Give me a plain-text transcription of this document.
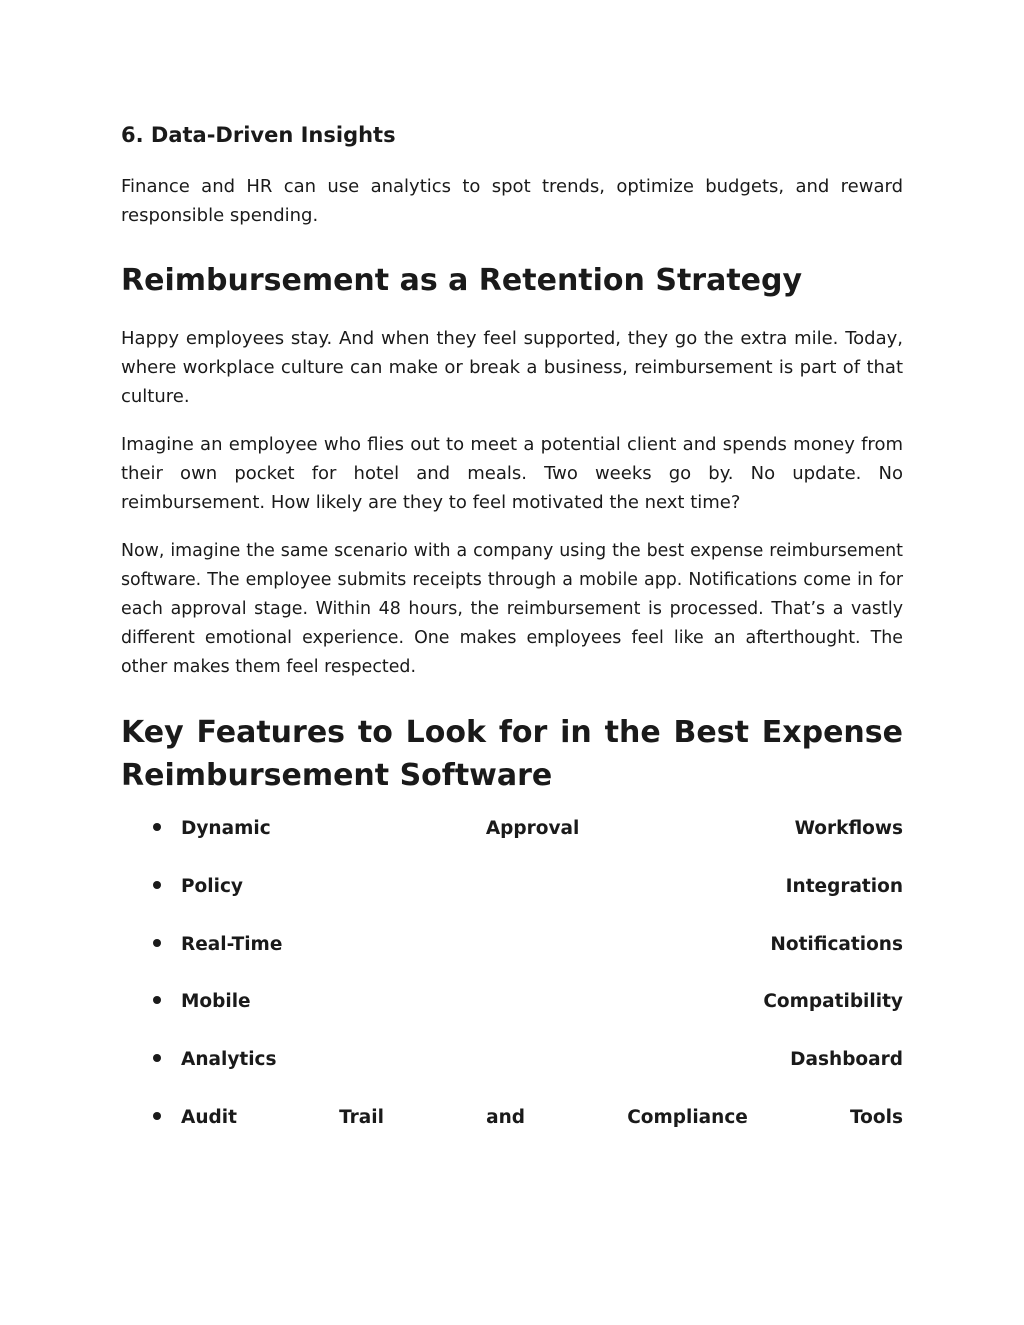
6. Data-Driven Insights

Finance and HR can use analytics to spot trends, optimize budgets, and reward responsible spending.

Reimbursement as a Retention Strategy

Happy employees stay. And when they feel supported, they go the extra mile. Today, where workplace culture can make or break a business, reimbursement is part of that culture.

Imagine an employee who flies out to meet a potential client and spends money from their own pocket for hotel and meals. Two weeks go by. No update. No reimbursement. How likely are they to feel motivated the next time?

Now, imagine the same scenario with a company using the best expense reimbursement software. The employee submits receipts through a mobile app. Notifications come in for each approval stage. Within 48 hours, the reimbursement is processed. That’s a vastly different emotional experience. One makes employees feel like an afterthought. The other makes them feel respected.

Key Features to Look for in the Best Expense Reimbursement Software
Dynamic	Approval	Workflows
Policy	Integration
Real-Time	Notifications
Mobile	Compatibility
Analytics	Dashboard
Audit	Trail	and	Compliance	Tools
